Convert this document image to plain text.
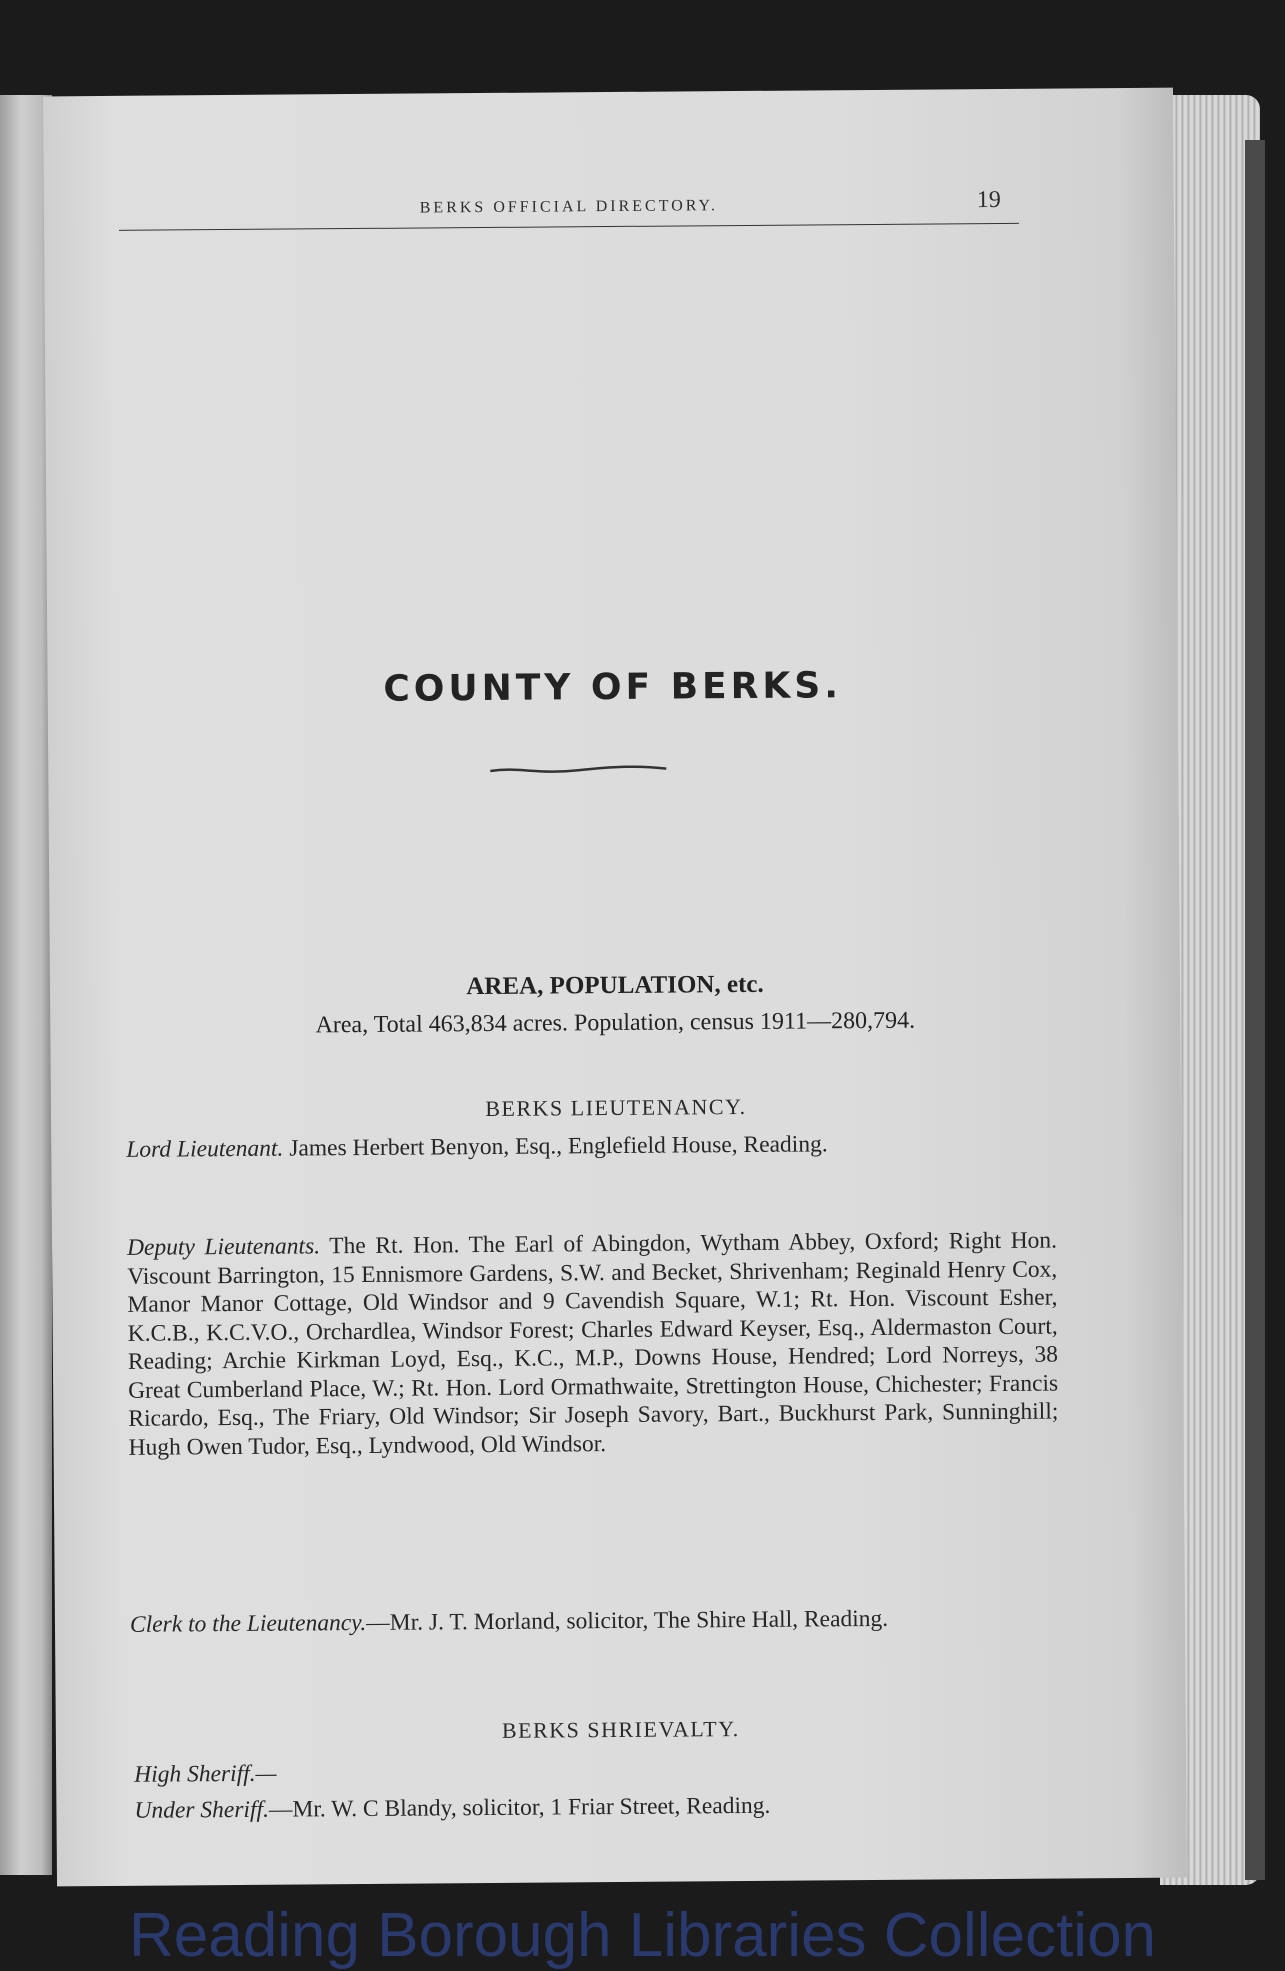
BERKS OFFICIAL DIRECTORY.	19
COUNTY OF BERKS.
AREA, POPULATION, etc.
Area, Total 463,834 acres. Population, census 1911—280,794.
BERKS LIEUTENANCY.
Lord Lieutenant. James Herbert Benyon, Esq., Englefield House, Reading.
Deputy Lieutenants. The Rt. Hon. The Earl of Abingdon, Wytham Abbey, Oxford; Right Hon. Viscount Barrington, 15 Ennismore Gardens, S.W. and Becket, Shrivenham; Reginald Henry Cox, Manor Manor Cottage, Old Windsor and 9 Cavendish Square, W.1; Rt. Hon. Viscount Esher, K.C.B., K.C.V.O., Orchardlea, Windsor Forest; Charles Edward Keyser, Esq., Aldermaston Court, Reading; Archie Kirkman Loyd, Esq., K.C., M.P., Downs House, Hendred; Lord Norreys, 38 Great Cumberland Place, W.; Rt. Hon. Lord Ormathwaite, Strettington House, Chichester; Francis Ricardo, Esq., The Friary, Old Windsor; Sir Joseph Savory, Bart., Buckhurst Park, Sunninghill; Hugh Owen Tudor, Esq., Lyndwood, Old Windsor.
Clerk to the Lieutenancy.—Mr. J. T. Morland, solicitor, The Shire Hall, Reading.
BERKS SHRIEVALTY.
High Sheriff.—
Under Sheriff.—Mr. W. C Blandy, solicitor, 1 Friar Street, Reading.
Reading Borough Libraries Collection
